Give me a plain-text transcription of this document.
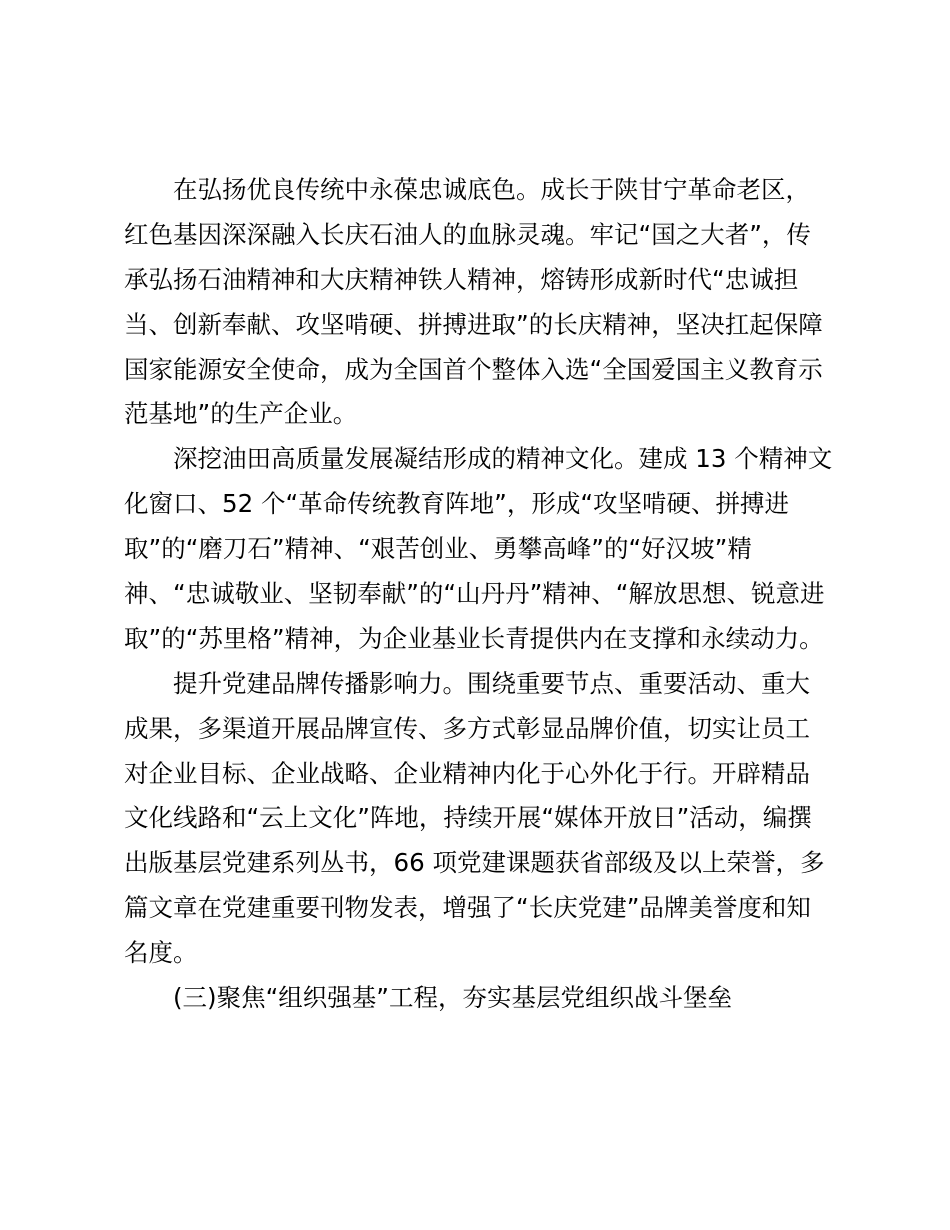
在弘扬优良传统中永葆忠诚底色。成长于陕甘宁革命老区，
红色基因深深融入长庆石油人的血脉灵魂。牢记“国之大者”，传
承弘扬石油精神和大庆精神铁人精神，熔铸形成新时代“忠诚担
当、创新奉献、攻坚啃硬、拼搏进取”的长庆精神，坚决扛起保障
国家能源安全使命，成为全国首个整体入选“全国爱国主义教育示
范基地”的生产企业。

深挖油田高质量发展凝结形成的精神文化。建成 13 个精神文
化窗口、52 个“革命传统教育阵地”，形成“攻坚啃硬、拼搏进
取”的“磨刀石”精神、“艰苦创业、勇攀高峰”的“好汉坡”精
神、“忠诚敬业、坚韧奉献”的“山丹丹”精神、“解放思想、锐意进
取”的“苏里格”精神，为企业基业长青提供内在支撑和永续动力。

提升党建品牌传播影响力。围绕重要节点、重要活动、重大
成果，多渠道开展品牌宣传、多方式彰显品牌价值，切实让员工
对企业目标、企业战略、企业精神内化于心外化于行。开辟精品
文化线路和“云上文化”阵地，持续开展“媒体开放日”活动，编撰
出版基层党建系列丛书，66 项党建课题获省部级及以上荣誉，多
篇文章在党建重要刊物发表，增强了“长庆党建”品牌美誉度和知
名度。

(三)聚焦“组织强基”工程，夯实基层党组织战斗堡垒
